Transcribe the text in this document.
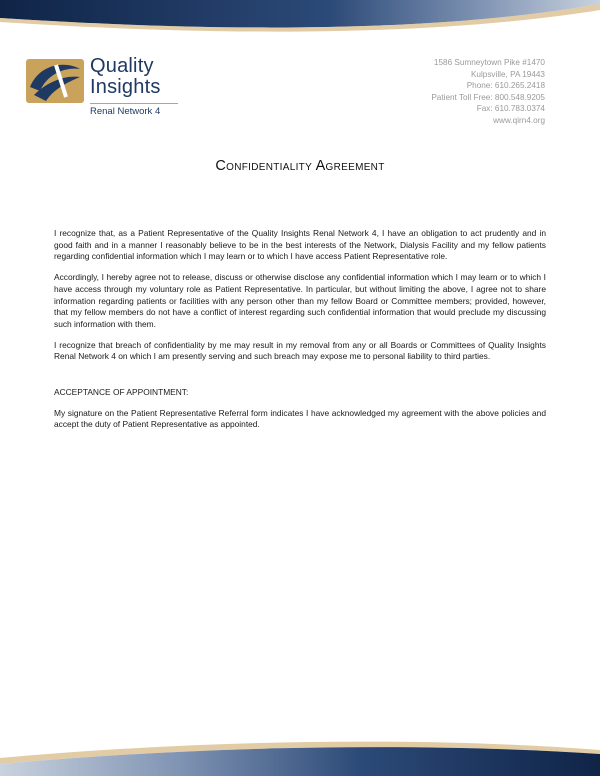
Quality
Insights
Renal Network 4
1586 Sumneytown Pike #1470
Kulpsville, PA 19443
Phone: 610.265.2418
Patient Toll Free: 800.548.9205
Fax: 610.783.0374
www.qirn4.org
Confidentiality Agreement

I recognize that, as a Patient Representative of the Quality Insights Renal Network 4, I have an obligation to act prudently and in good faith and in a manner I reasonably believe to be in the best interests of the Network, Dialysis Facility and my fellow patients regarding confidential information which I may learn or to which I have access Patient Representative role.

Accordingly, I hereby agree not to release, discuss or otherwise disclose any confidential information which I may learn or to which I have access through my voluntary role as Patient Representative. In particular, but without limiting the above, I agree not to share information regarding patients or facilities with any person other than my fellow Board or Committee members; provided, however, that my fellow members do not have a conflict of interest regarding such confidential information that would preclude my discussing such information with them.

I recognize that breach of confidentiality by me may result in my removal from any or all Boards or Committees of Quality Insights Renal Network 4 on which I am presently serving and such breach may expose me to personal liability to third parties.

ACCEPTANCE OF APPOINTMENT:

My signature on the Patient Representative Referral form indicates I have acknowledged my agreement with the above policies and accept the duty of Patient Representative as appointed.
